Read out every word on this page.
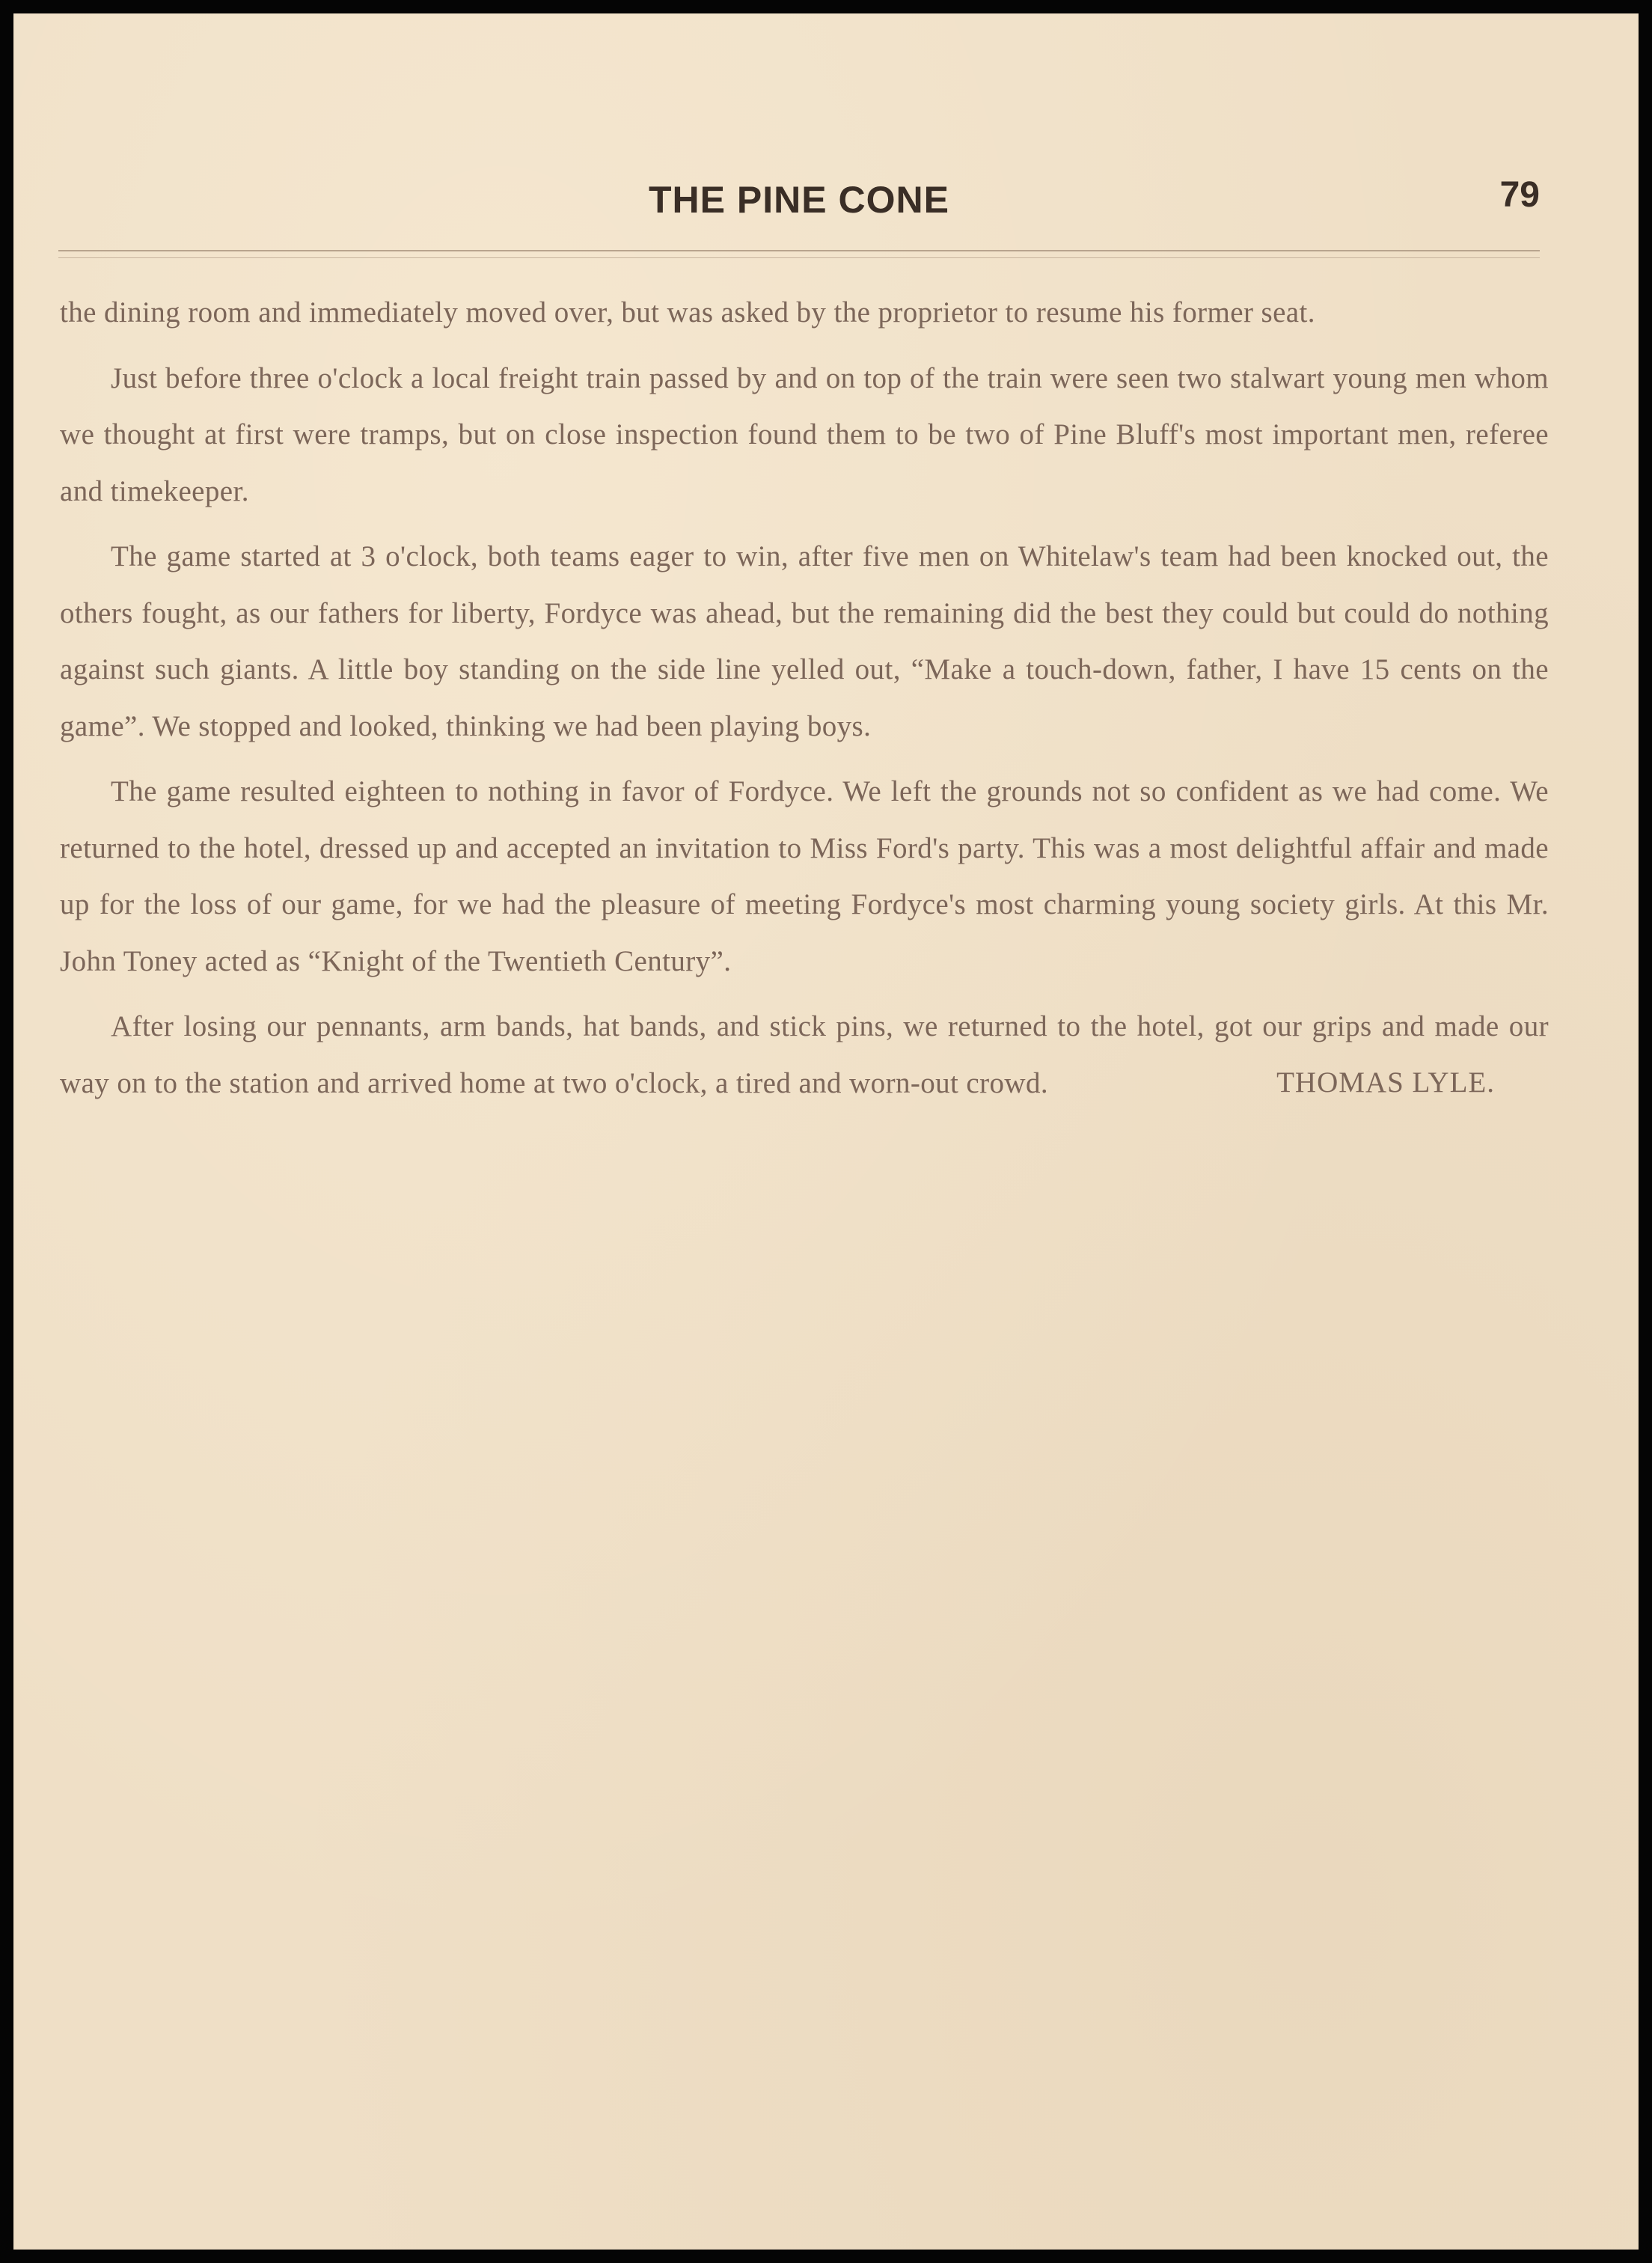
THE PINE CONE	79

the dining room and immediately moved over, but was asked by the proprietor to resume his former seat.

Just before three o'clock a local freight train passed by and on top of the train were seen two stalwart young men whom we thought at first were tramps, but on close inspection found them to be two of Pine Bluff's most important men, referee and timekeeper.

The game started at 3 o'clock, both teams eager to win, after five men on Whitelaw's team had been knocked out, the others fought, as our fathers for liberty, Fordyce was ahead, but the remaining did the best they could but could do nothing against such giants. A little boy standing on the side line yelled out, “Make a touch-down, father, I have 15 cents on the game”. We stopped and looked, thinking we had been playing boys.

The game resulted eighteen to nothing in favor of Fordyce. We left the grounds not so confident as we had come. We returned to the hotel, dressed up and accepted an invitation to Miss Ford's party. This was a most delightful affair and made up for the loss of our game, for we had the pleasure of meeting Fordyce's most charming young society girls. At this Mr. John Toney acted as “Knight of the Twentieth Century”.

After losing our pennants, arm bands, hat bands, and stick pins, we returned to the hotel, got our grips and made our way on to the station and arrived home at two o'clock, a tired and worn-out crowd.	THOMAS LYLE.
